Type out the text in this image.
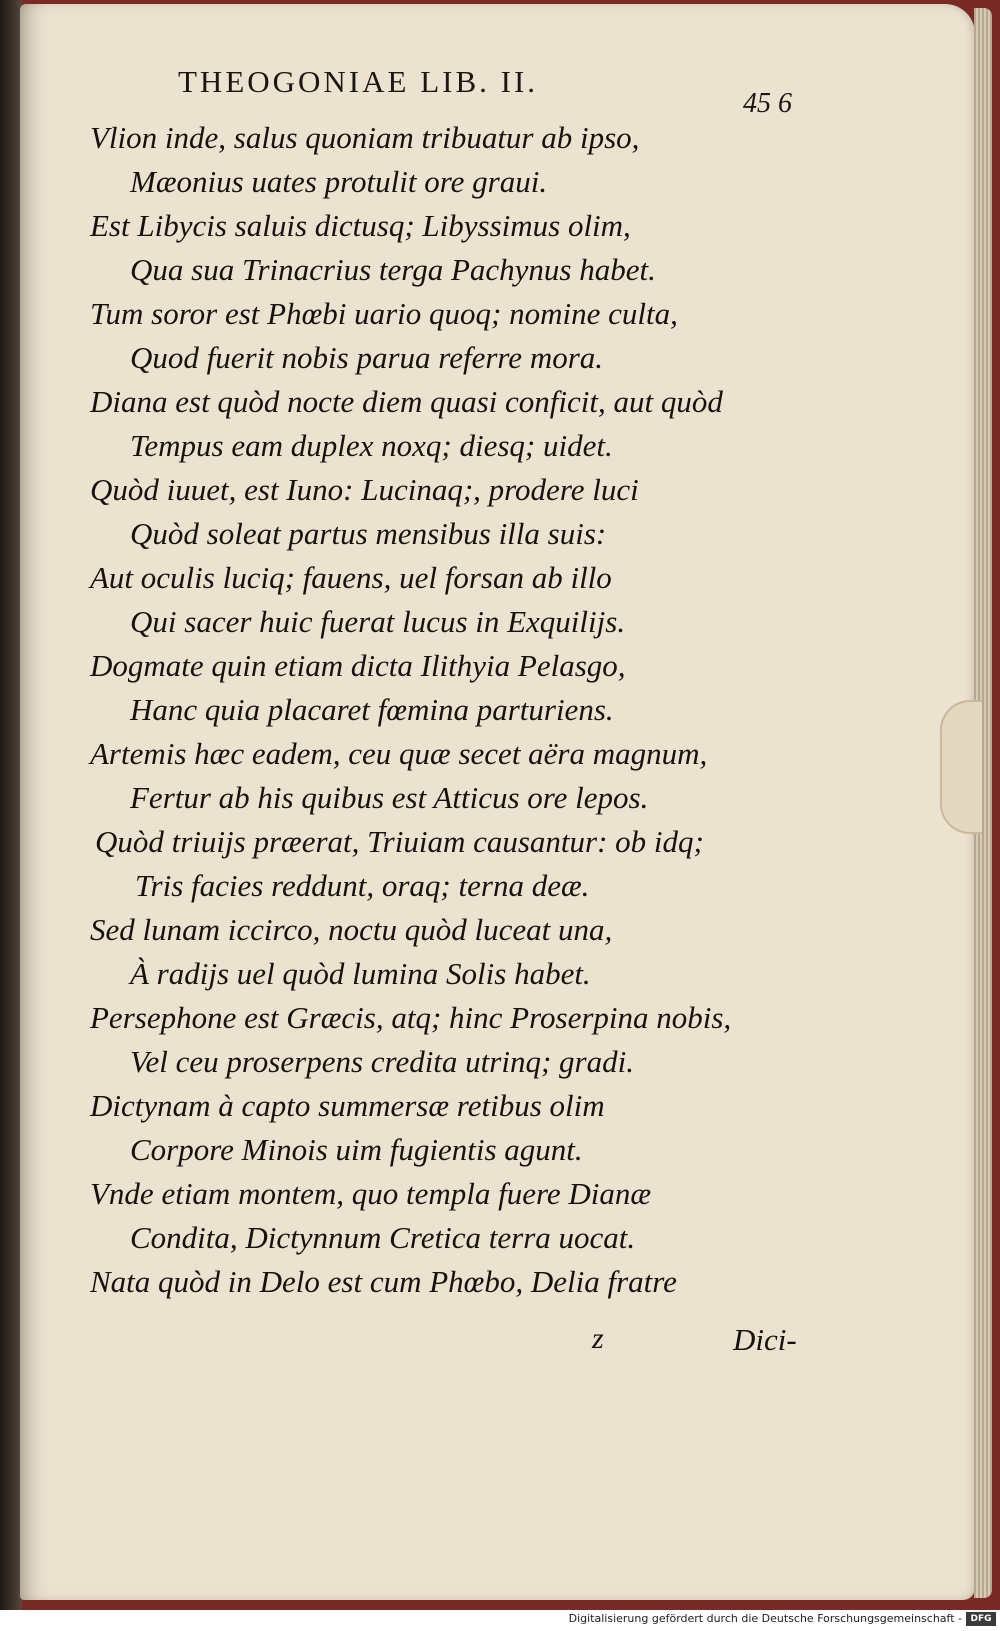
THEOGONIAE LIB. II.
45 6
Vlion inde, salus quoniam tribuatur ab ipso,
Mæonius uates protulit ore graui.
Est Libycis saluis dictusq; Libyssimus olim,
Qua sua Trinacrius terga Pachynus habet.
Tum soror est Phœbi uario quoq; nomine culta,
Quod fuerit nobis parua referre mora.
Diana est quòd nocte diem quasi conficit, aut quòd
Tempus eam duplex noxq; diesq; uidet.
Quòd iuuet, est Iuno: Lucinaq;, prodere luci
Quòd soleat partus mensibus illa suis:
Aut oculis luciq; fauens, uel forsan ab illo
Qui sacer huic fuerat lucus in Exquilijs.
Dogmate quin etiam dicta Ilithyia Pelasgo,
Hanc quia placaret fœmina parturiens.
Artemis hæc eadem, ceu quæ secet aëra magnum,
Fertur ab his quibus est Atticus ore lepos.
Quòd triuijs præerat, Triuiam causantur: ob idq;
Tris facies reddunt, oraq; terna deæ.
Sed lunam iccirco, noctu quòd luceat una,
À radijs uel quòd lumina Solis habet.
Persephone est Græcis, atq; hinc Proserpina nobis,
Vel ceu proserpens credita utrinq; gradi.
Dictynam à capto summersæ retibus olim
Corpore Minois uim fugientis agunt.
Vnde etiam montem, quo templa fuere Dianæ
Condita, Dictynnum Cretica terra uocat.
Nata quòd in Delo est cum Phœbo, Delia fratre
z	Dici-
Digitalisierung gefördert durch die Deutsche Forschungsgemeinschaft - DFG
